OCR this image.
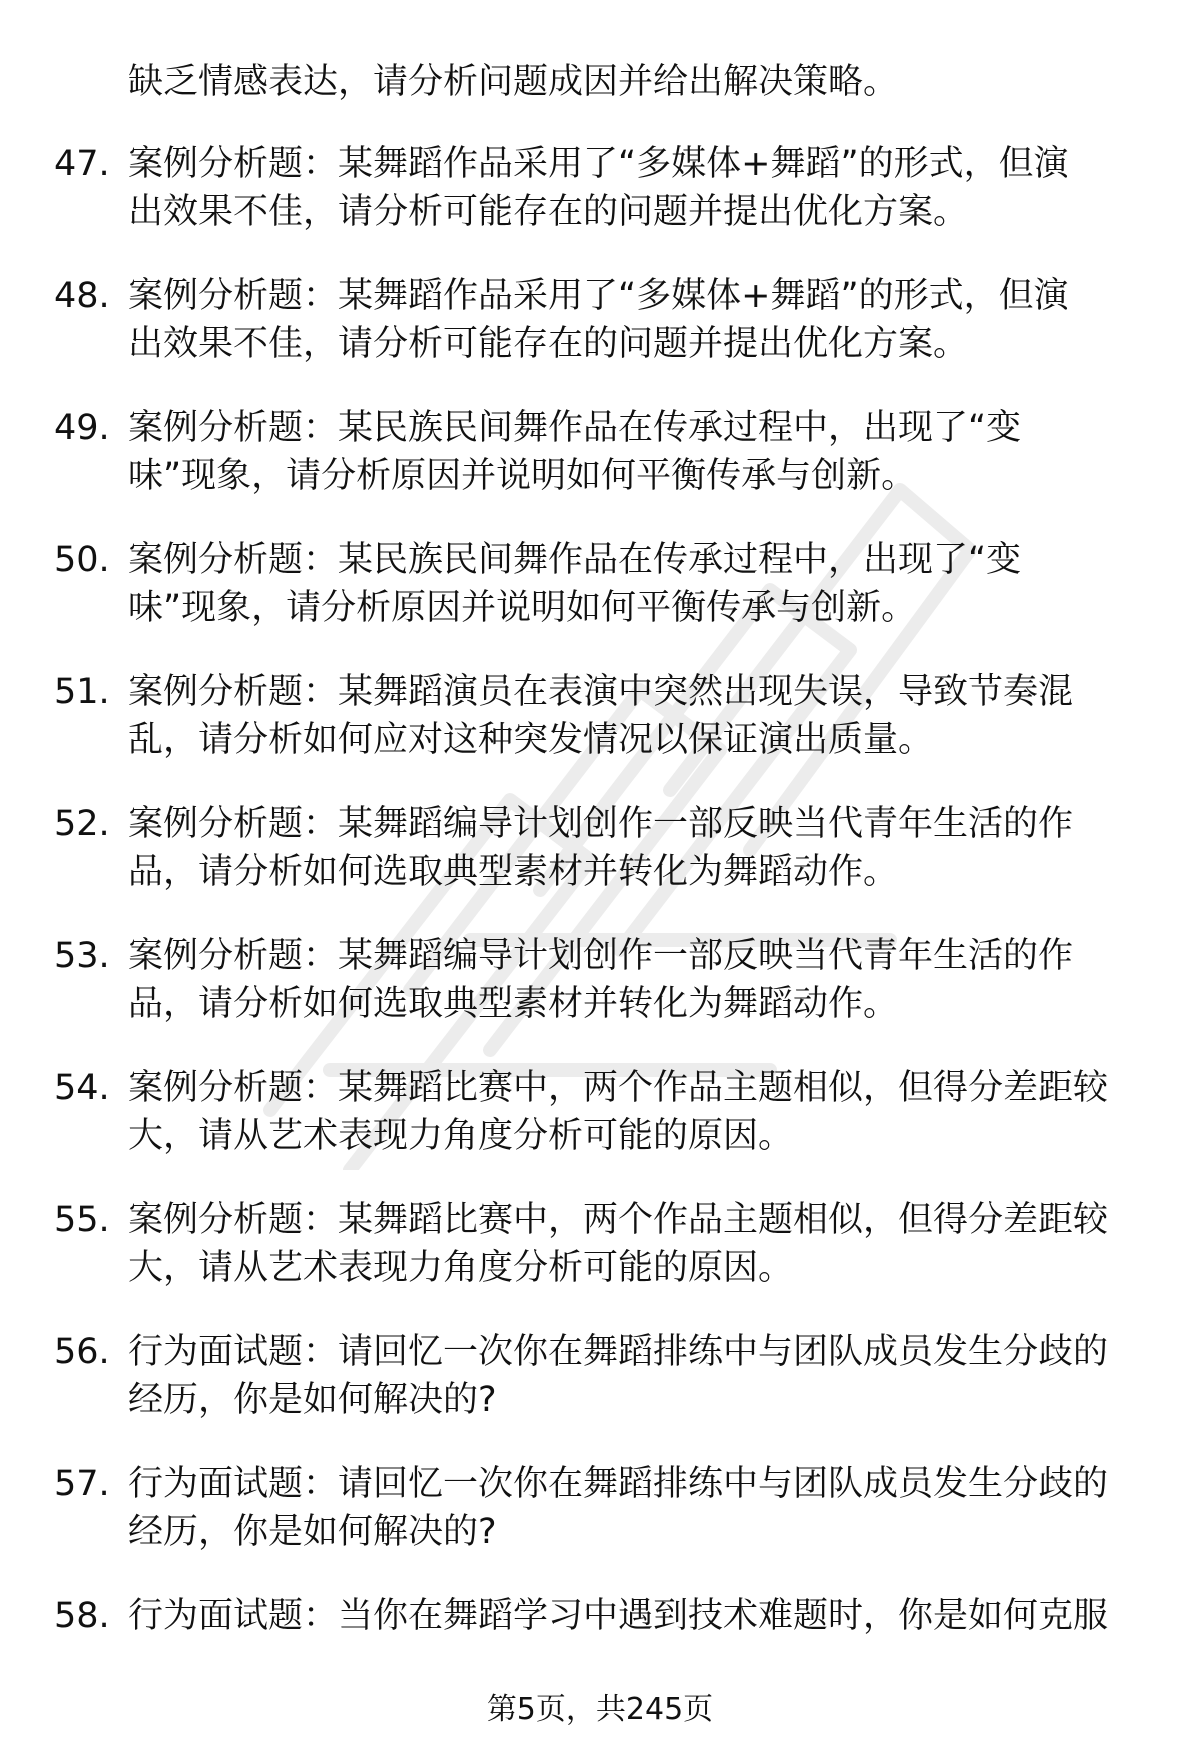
缺乏情感表达，请分析问题成因并给出解决策略。
47. 案例分析题：某舞蹈作品采用了“多媒体+舞蹈”的形式，但演
出效果不佳，请分析可能存在的问题并提出优化方案。
48. 案例分析题：某舞蹈作品采用了“多媒体+舞蹈”的形式，但演
出效果不佳，请分析可能存在的问题并提出优化方案。
49. 案例分析题：某民族民间舞作品在传承过程中，出现了“变
味”现象，请分析原因并说明如何平衡传承与创新。
50. 案例分析题：某民族民间舞作品在传承过程中，出现了“变
味”现象，请分析原因并说明如何平衡传承与创新。
51. 案例分析题：某舞蹈演员在表演中突然出现失误，导致节奏混
乱，请分析如何应对这种突发情况以保证演出质量。
52. 案例分析题：某舞蹈编导计划创作一部反映当代青年生活的作
品，请分析如何选取典型素材并转化为舞蹈动作。
53. 案例分析题：某舞蹈编导计划创作一部反映当代青年生活的作
品，请分析如何选取典型素材并转化为舞蹈动作。
54. 案例分析题：某舞蹈比赛中，两个作品主题相似，但得分差距较
大，请从艺术表现力角度分析可能的原因。
55. 案例分析题：某舞蹈比赛中，两个作品主题相似，但得分差距较
大，请从艺术表现力角度分析可能的原因。
56. 行为面试题：请回忆一次你在舞蹈排练中与团队成员发生分歧的
经历，你是如何解决的?
57. 行为面试题：请回忆一次你在舞蹈排练中与团队成员发生分歧的
经历，你是如何解决的?
58. 行为面试题：当你在舞蹈学习中遇到技术难题时，你是如何克服
第5页，共245页
